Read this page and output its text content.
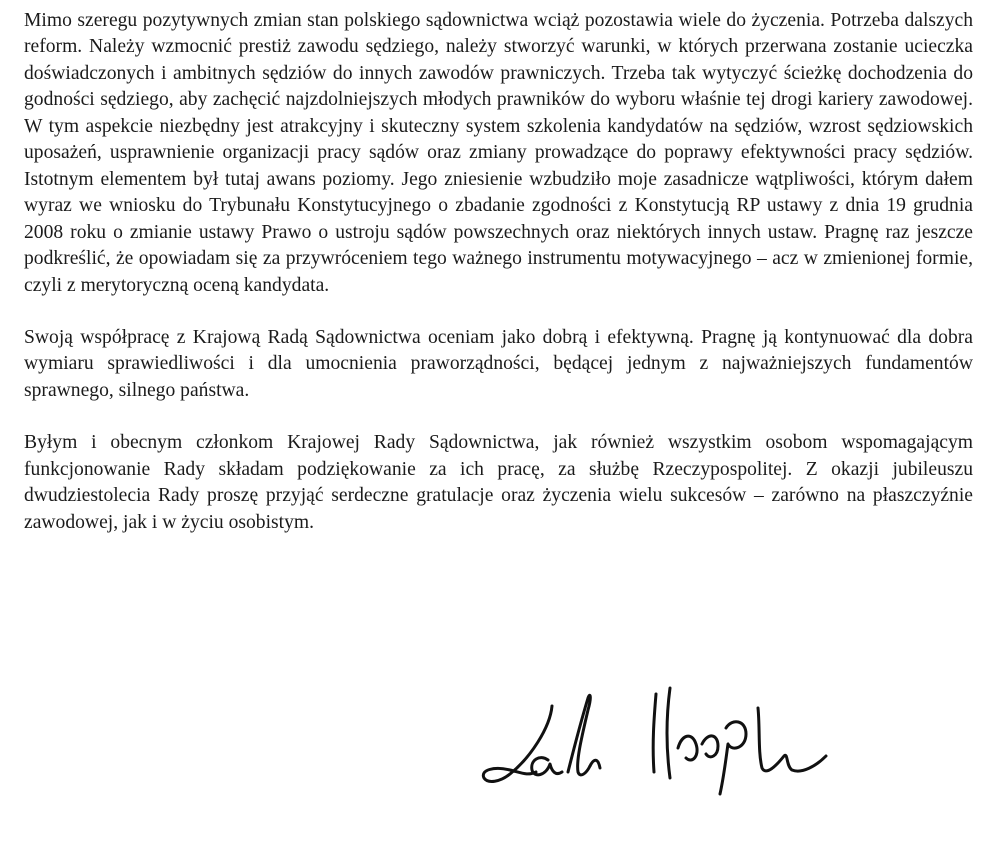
Mimo szeregu pozytywnych zmian stan polskiego sądownictwa wciąż pozostawia wiele do życzenia. Potrzeba dalszych reform. Należy wzmocnić prestiż zawodu sędziego, należy stworzyć warunki, w których przerwana zostanie ucieczka doświadczonych i ambitnych sędziów do innych zawodów prawniczych. Trzeba tak wytyczyć ścieżkę dochodzenia do godności sędziego, aby zachęcić najzdolniejszych młodych prawników do wyboru właśnie tej drogi kariery zawodowej. W tym aspekcie niezbędny jest atrakcyjny i skuteczny system szkolenia kandydatów na sędziów, wzrost sędziowskich uposażeń, usprawnienie organizacji pracy sądów oraz zmiany prowadzące do poprawy efektywności pracy sędziów. Istotnym elementem był tutaj awans poziomy. Jego zniesienie wzbudziło moje zasadnicze wątpliwości, którym dałem wyraz we wniosku do Trybunału Konstytucyjnego o zbadanie zgodności z Konstytucją RP ustawy z dnia 19 grudnia 2008 roku o zmianie ustawy Prawo o ustroju sądów powszechnych oraz niektórych innych ustaw. Pragnę raz jeszcze podkreślić, że opowiadam się za przywróceniem tego ważnego instrumentu motywacyjnego – acz w zmienionej formie, czyli z merytoryczną oceną kandydata.

Swoją współpracę z Krajową Radą Sądownictwa oceniam jako dobrą i efektywną. Pragnę ją kontynuować dla dobra wymiaru sprawiedliwości i dla umocnienia praworządności, będącej jednym z najważniejszych fundamentów sprawnego, silnego państwa.

Byłym i obecnym członkom Krajowej Rady Sądownictwa, jak również wszystkim osobom wspomagającym funkcjonowanie Rady składam podziękowanie za ich pracę, za służbę Rzeczypospolitej. Z okazji jubileuszu dwudziestolecia Rady proszę przyjąć serdeczne gratulacje oraz życzenia wielu sukcesów – zarówno na płaszczyźnie zawodowej, jak i w życiu osobistym.
